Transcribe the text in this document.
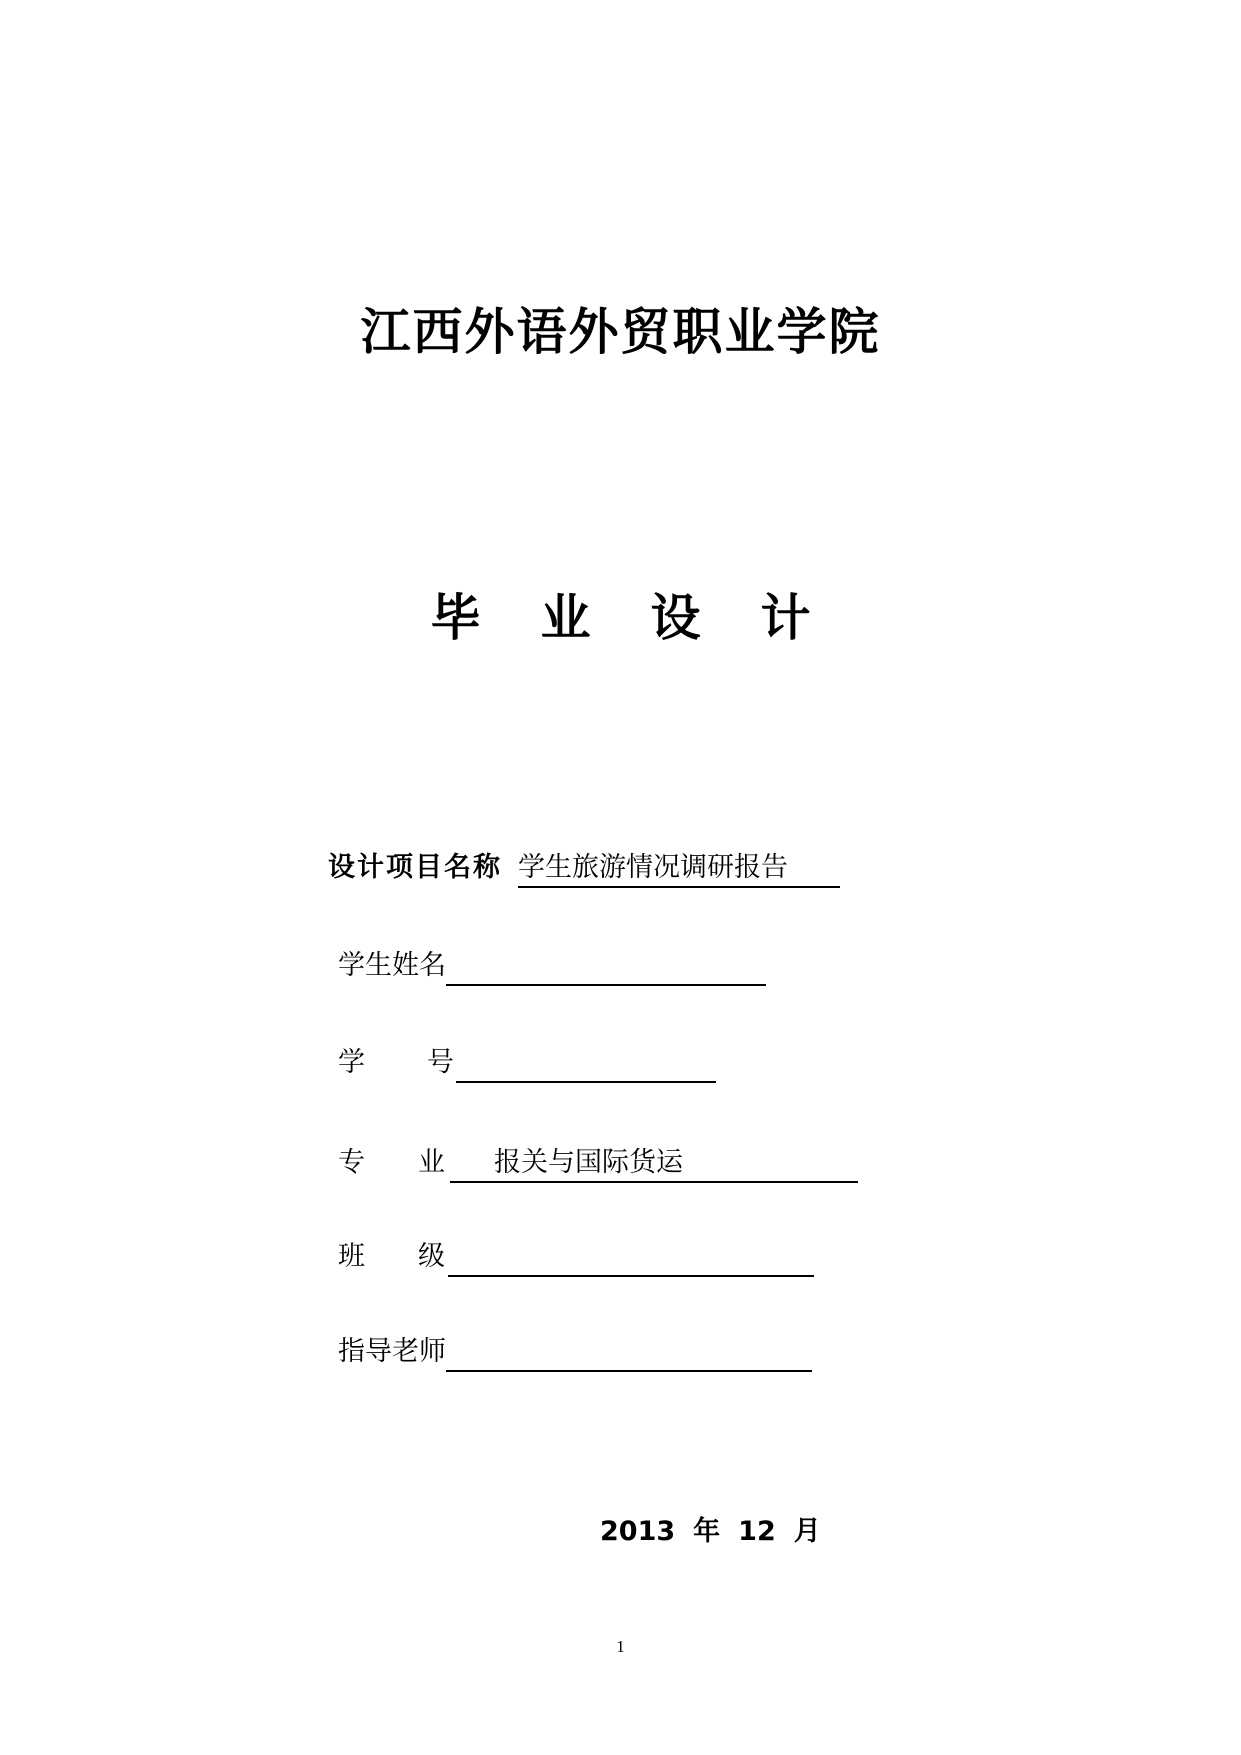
江西外语外贸职业学院
毕业设计
设计项目名称 学生旅游情况调研报告
学生姓名
学 号
专 业 报关与国际货运
班 级
指导老师
2013 年 12 月
1
